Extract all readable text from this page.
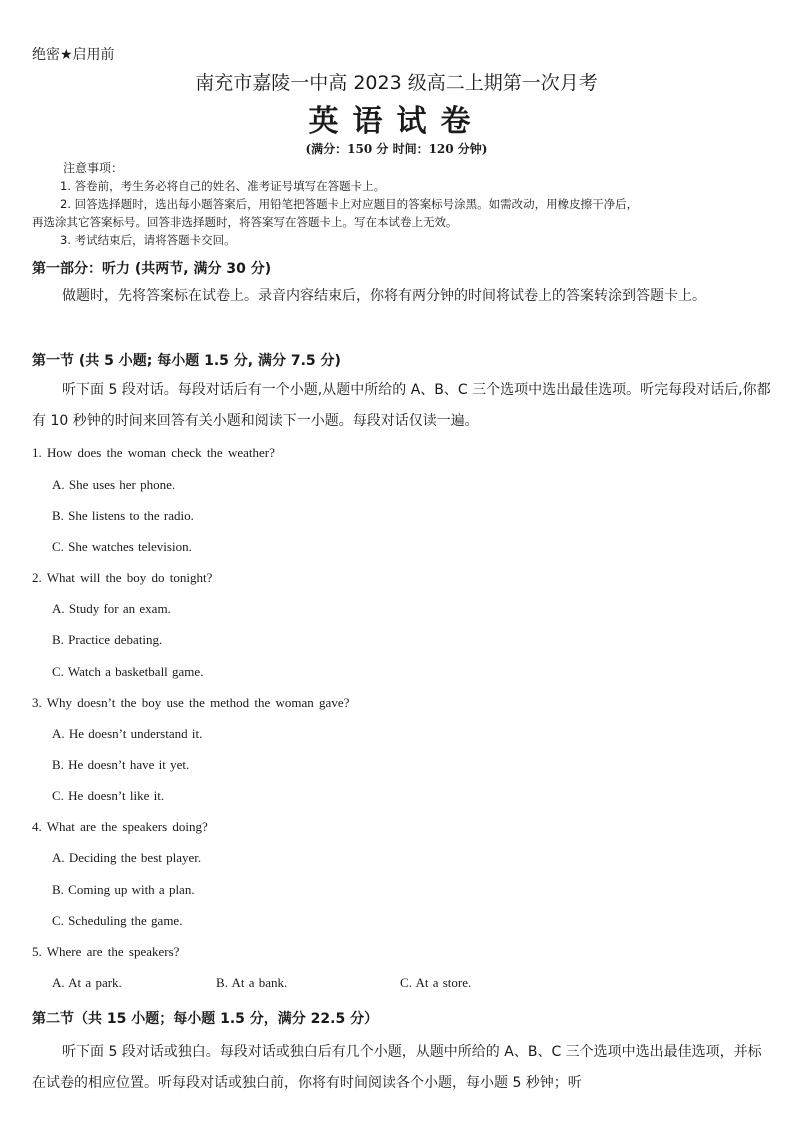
绝密★启用前
南充市嘉陵一中高 2023 级高二上期第一次月考
英语试卷
(满分：150 分 时间：120 分钟)
注意事项：
1. 答卷前，考生务必将自己的姓名、准考证号填写在答题卡上。
2. 回答选择题时，选出每小题答案后，用铅笔把答题卡上对应题目的答案标号涂黑。如需改动，用橡皮擦干净后，
再选涂其它答案标号。回答非选择题时，将答案写在答题卡上。写在本试卷上无效。
3. 考试结束后，请将答题卡交回。
第一部分：听力 (共两节, 满分 30 分)
做题时，先将答案标在试卷上。录音内容结束后，你将有两分钟的时间将试卷上的答案转涂到答题卡上。
第一节 (共 5 小题; 每小题 1.5 分, 满分 7.5 分)
听下面 5 段对话。每段对话后有一个小题,从题中所给的 A、B、C 三个选项中选出最佳选项。听完每段对话后,你都有 10 秒钟的时间来回答有关小题和阅读下一小题。每段对话仅读一遍。
1. How does the woman check the weather?
A. She uses her phone.
B. She listens to the radio.
C. She watches television.
2. What will the boy do tonight?
A. Study for an exam.
B. Practice debating.
C. Watch a basketball game.
3. Why doesn’t the boy use the method the woman gave?
A. He doesn’t understand it.
B. He doesn’t have it yet.
C. He doesn’t like it.
4. What are the speakers doing?
A. Deciding the best player.
B. Coming up with a plan.
C. Scheduling the game.
5. Where are the speakers?
A. At a park.	B. At a bank.	C. At a store.
第二节（共 15 小题；每小题 1.5 分，满分 22.5 分）
听下面 5 段对话或独白。每段对话或独白后有几个小题，从题中所给的 A、B、C 三个选项中选出最佳选项，并标在试卷的相应位置。听每段对话或独白前，你将有时间阅读各个小题，每小题 5 秒钟；听
